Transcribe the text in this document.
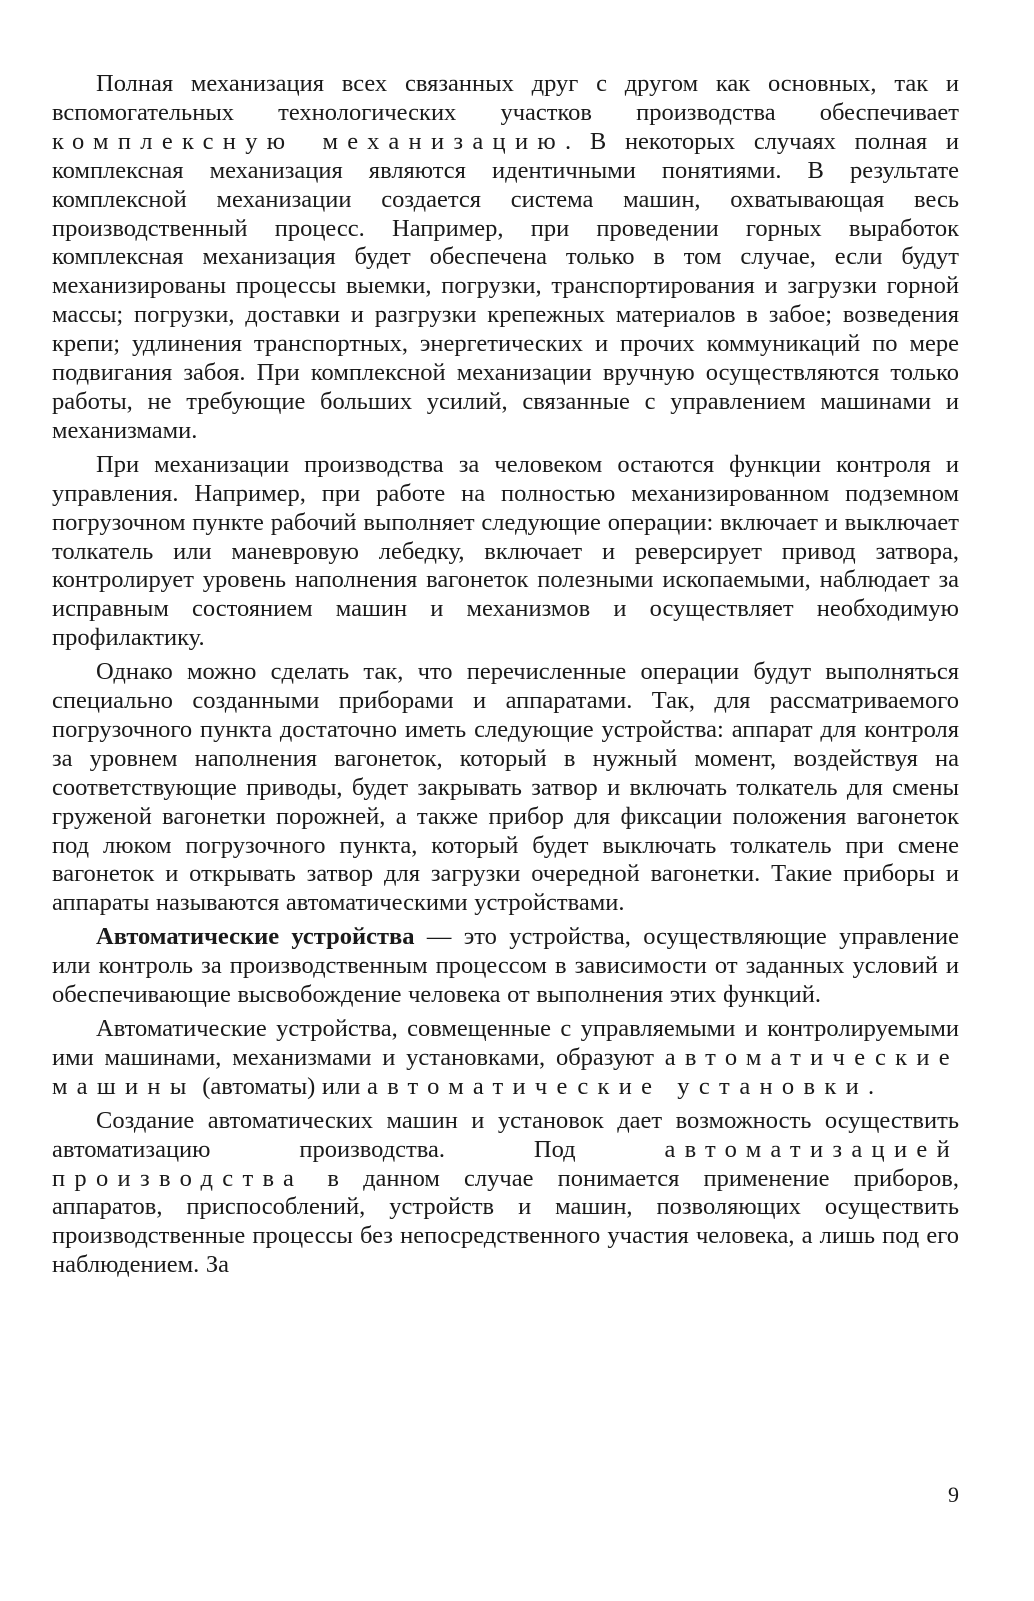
Полная механизация всех связанных друг с другом как основных, так и вспомогательных технологических участков производства обеспечивает комплексную механизацию. В некоторых случаях полная и комплексная механизация являются идентичными понятиями. В результате комплексной механизации создается система машин, охватывающая весь производственный процесс. Например, при проведении горных выработок комплексная механизация будет обеспечена только в том случае, если будут механизированы процессы выемки, погрузки, транспортирования и загрузки горной массы; погрузки, доставки и разгрузки крепежных материалов в забое; возведения крепи; удлинения транспортных, энергетических и прочих коммуникаций по мере подвигания забоя. При комплексной механизации вручную осуществляются только работы, не требующие больших усилий, связанные с управлением машинами и механизмами.

При механизации производства за человеком остаются функции контроля и управления. Например, при работе на полностью механизированном подземном погрузочном пункте рабочий выполняет следующие операции: включает и выключает толкатель или маневровую лебедку, включает и реверсирует привод затвора, контролирует уровень наполнения вагонеток полезными ископаемыми, наблюдает за исправным состоянием машин и механизмов и осуществляет необходимую профилактику.

Однако можно сделать так, что перечисленные операции будут выполняться специально созданными приборами и аппаратами. Так, для рассматриваемого погрузочного пункта достаточно иметь следующие устройства: аппарат для контроля за уровнем наполнения вагонеток, который в нужный момент, воздействуя на соответствующие приводы, будет закрывать затвор и включать толкатель для смены груженой вагонетки порожней, а также прибор для фиксации положения вагонеток под люком погрузочного пункта, который будет выключать толкатель при смене вагонеток и открывать затвор для загрузки очередной вагонетки. Такие приборы и аппараты называются автоматическими устройствами.

Автоматические устройства — это устройства, осуществляющие управление или контроль за производственным процессом в зависимости от заданных условий и обеспечивающие высвобождение человека от выполнения этих функций.

Автоматические устройства, совмещенные с управляемыми и контролируемыми ими машинами, механизмами и установками, образуют автоматические машины (автоматы) или автоматические установки.

Создание автоматических машин и установок дает возможность осуществить автоматизацию производства. Под автоматизацией производства в данном случае понимается применение приборов, аппаратов, приспособлений, устройств и машин, позволяющих осуществить производственные процессы без непосредственного участия человека, а лишь под его наблюдением. За

9
